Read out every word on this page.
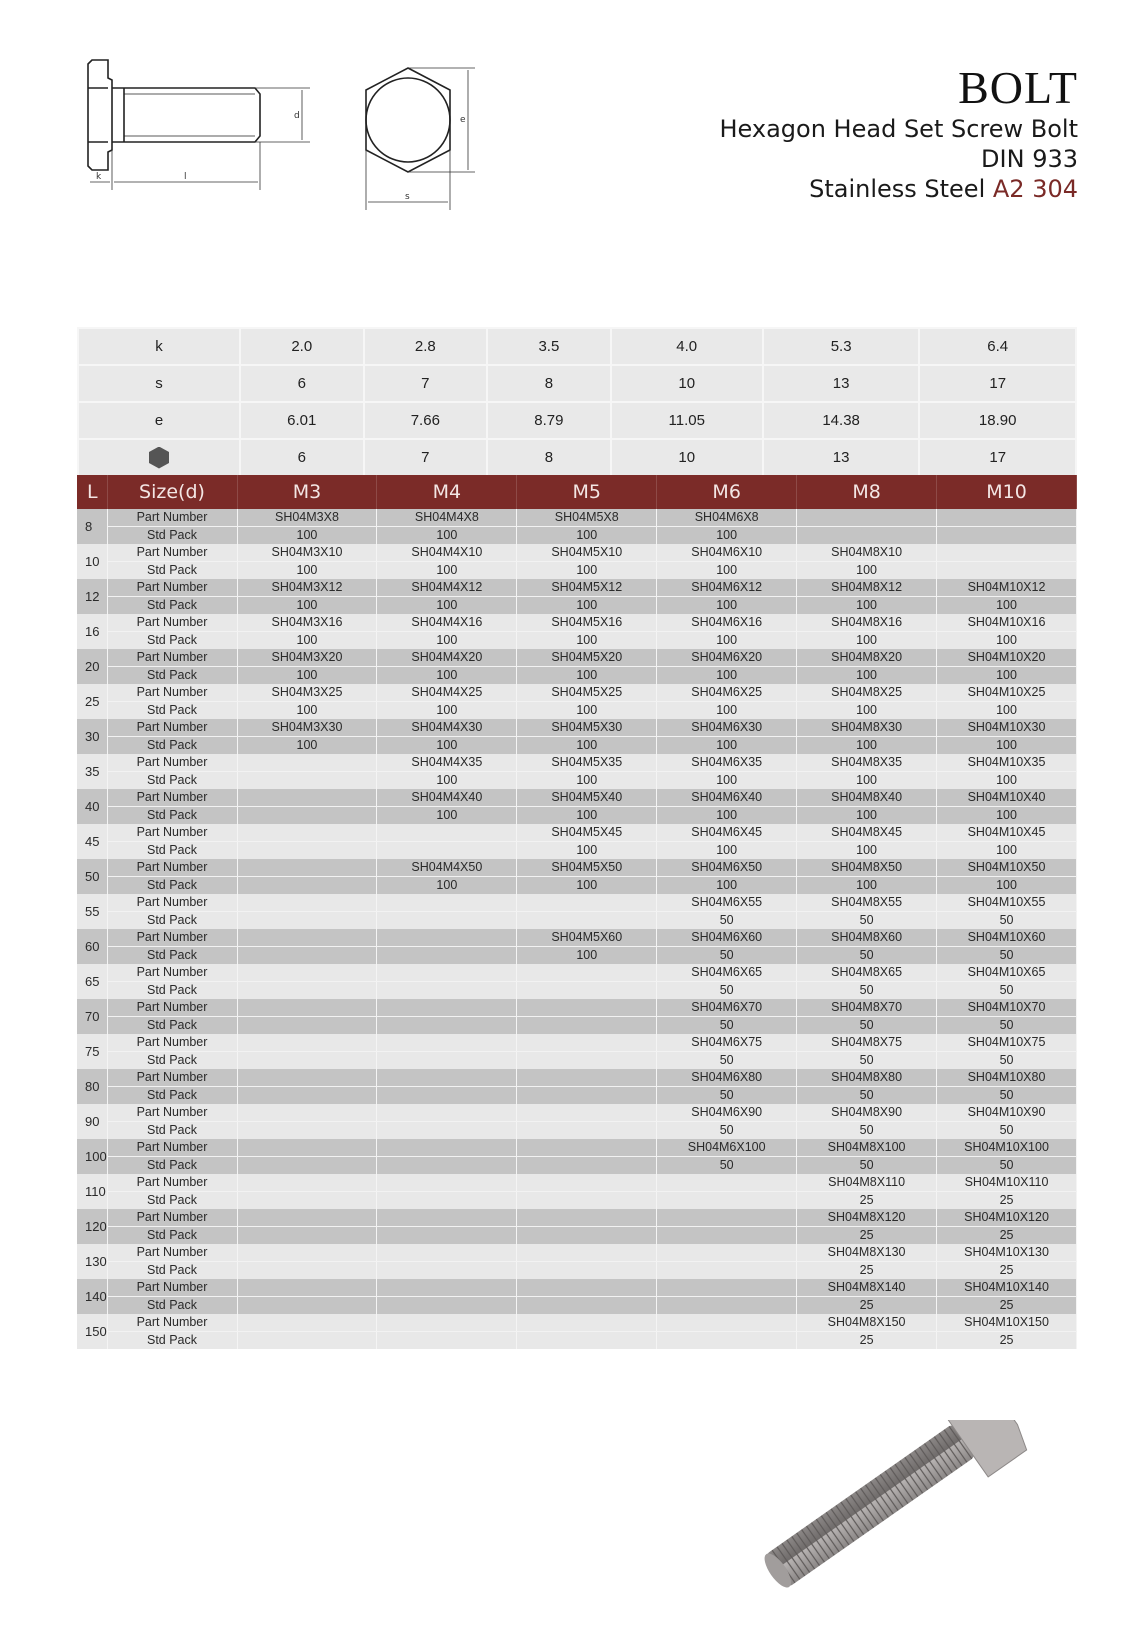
k	l
d	e
s
BOLT
Hexagon Head Set Screw Bolt
DIN 933
Stainless Steel A2 304
k	2.0	2.8	3.5	4.0	5.3	6.4
s	6	7	8	10	13	17
e	6.01	7.66	8.79	11.05	14.38	18.90
	6	7	8	10	13	17
L	Size(d)	M3	M4	M5	M6	M8	M10
8	Part Number	SH04M3X8	SH04M4X8	SH04M5X8	SH04M6X8		
	Std Pack	100	100	100	100		
10	Part Number	SH04M3X10	SH04M4X10	SH04M5X10	SH04M6X10	SH04M8X10	
	Std Pack	100	100	100	100	100	
12	Part Number	SH04M3X12	SH04M4X12	SH04M5X12	SH04M6X12	SH04M8X12	SH04M10X12
	Std Pack	100	100	100	100	100	100
16	Part Number	SH04M3X16	SH04M4X16	SH04M5X16	SH04M6X16	SH04M8X16	SH04M10X16
	Std Pack	100	100	100	100	100	100
20	Part Number	SH04M3X20	SH04M4X20	SH04M5X20	SH04M6X20	SH04M8X20	SH04M10X20
	Std Pack	100	100	100	100	100	100
25	Part Number	SH04M3X25	SH04M4X25	SH04M5X25	SH04M6X25	SH04M8X25	SH04M10X25
	Std Pack	100	100	100	100	100	100
30	Part Number	SH04M3X30	SH04M4X30	SH04M5X30	SH04M6X30	SH04M8X30	SH04M10X30
	Std Pack	100	100	100	100	100	100
35	Part Number		SH04M4X35	SH04M5X35	SH04M6X35	SH04M8X35	SH04M10X35
	Std Pack		100	100	100	100	100
40	Part Number		SH04M4X40	SH04M5X40	SH04M6X40	SH04M8X40	SH04M10X40
	Std Pack		100	100	100	100	100
45	Part Number			SH04M5X45	SH04M6X45	SH04M8X45	SH04M10X45
	Std Pack			100	100	100	100
50	Part Number		SH04M4X50	SH04M5X50	SH04M6X50	SH04M8X50	SH04M10X50
	Std Pack		100	100	100	100	100
55	Part Number				SH04M6X55	SH04M8X55	SH04M10X55
	Std Pack				50	50	50
60	Part Number			SH04M5X60	SH04M6X60	SH04M8X60	SH04M10X60
	Std Pack			100	50	50	50
65	Part Number				SH04M6X65	SH04M8X65	SH04M10X65
	Std Pack				50	50	50
70	Part Number				SH04M6X70	SH04M8X70	SH04M10X70
	Std Pack				50	50	50
75	Part Number				SH04M6X75	SH04M8X75	SH04M10X75
	Std Pack				50	50	50
80	Part Number				SH04M6X80	SH04M8X80	SH04M10X80
	Std Pack				50	50	50
90	Part Number				SH04M6X90	SH04M8X90	SH04M10X90
	Std Pack				50	50	50
100	Part Number				SH04M6X100	SH04M8X100	SH04M10X100
	Std Pack				50	50	50
110	Part Number					SH04M8X110	SH04M10X110
	Std Pack					25	25
120	Part Number					SH04M8X120	SH04M10X120
	Std Pack					25	25
130	Part Number					SH04M8X130	SH04M10X130
	Std Pack					25	25
140	Part Number					SH04M8X140	SH04M10X140
	Std Pack					25	25
150	Part Number					SH04M8X150	SH04M10X150
	Std Pack					25	25
